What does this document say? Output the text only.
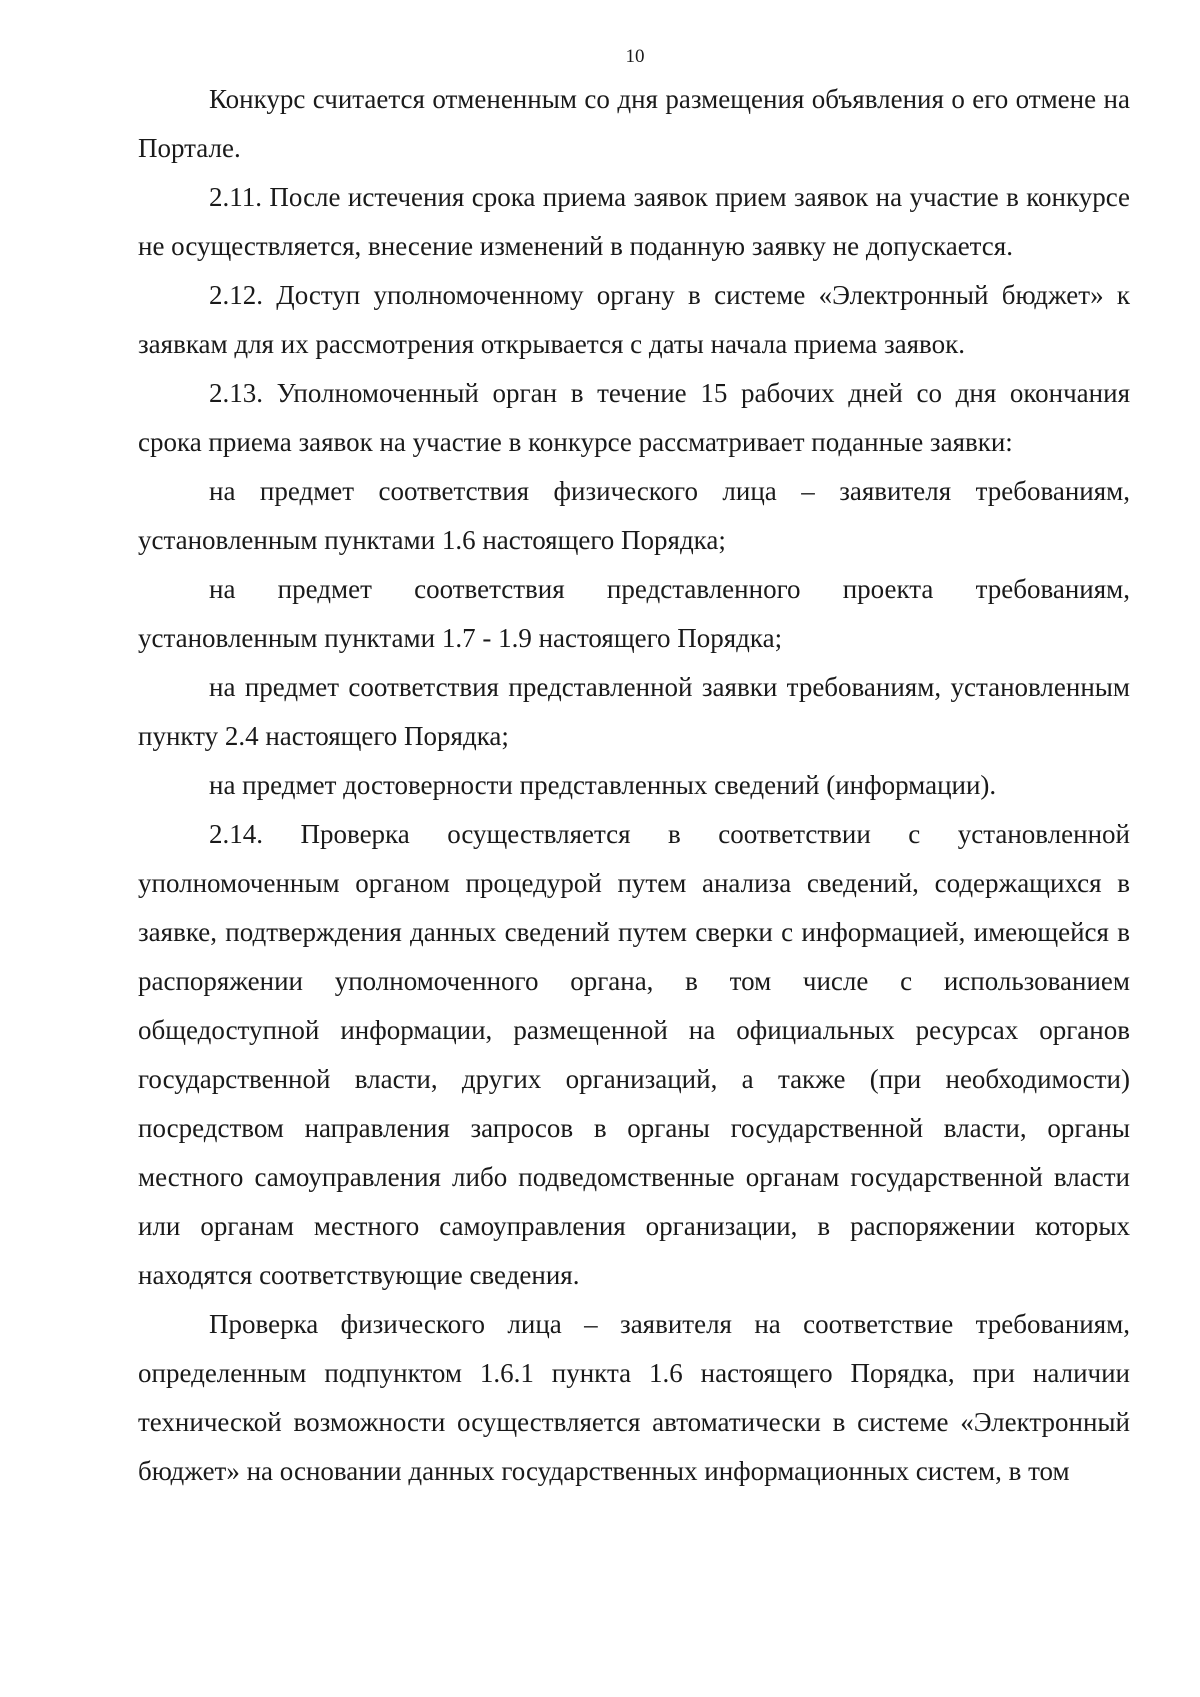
10

Конкурс считается отмененным со дня размещения объявления о его отмене на Портале.

2.11. После истечения срока приема заявок прием заявок на участие в конкурсе не осуществляется, внесение изменений в поданную заявку не допускается.

2.12. Доступ уполномоченному органу в системе «Электронный бюджет» к заявкам для их рассмотрения открывается с даты начала приема заявок.

2.13. Уполномоченный орган в течение 15 рабочих дней со дня окончания срока приема заявок на участие в конкурсе рассматривает поданные заявки:

на предмет соответствия физического лица – заявителя требованиям, установленным пунктами 1.6 настоящего Порядка;

на предмет соответствия представленного проекта требованиям, установленным пунктами 1.7 - 1.9 настоящего Порядка;

на предмет соответствия представленной заявки требованиям, установленным пункту 2.4 настоящего Порядка;

на предмет достоверности представленных сведений (информации).

2.14. Проверка осуществляется в соответствии с установленной уполномоченным органом процедурой путем анализа сведений, содержащихся в заявке, подтверждения данных сведений путем сверки с информацией, имеющейся в распоряжении уполномоченного органа, в том числе с использованием общедоступной информации, размещенной на официальных ресурсах органов государственной власти, других организаций, а также (при необходимости) посредством направления запросов в органы государственной власти, органы местного самоуправления либо подведомственные органам государственной власти или органам местного самоуправления организации, в распоряжении которых находятся соответствующие сведения.

Проверка физического лица – заявителя на соответствие требованиям, определенным подпунктом 1.6.1 пункта 1.6 настоящего Порядка, при наличии технической возможности осуществляется автоматически в системе «Электронный бюджет» на основании данных государственных информационных систем, в том
